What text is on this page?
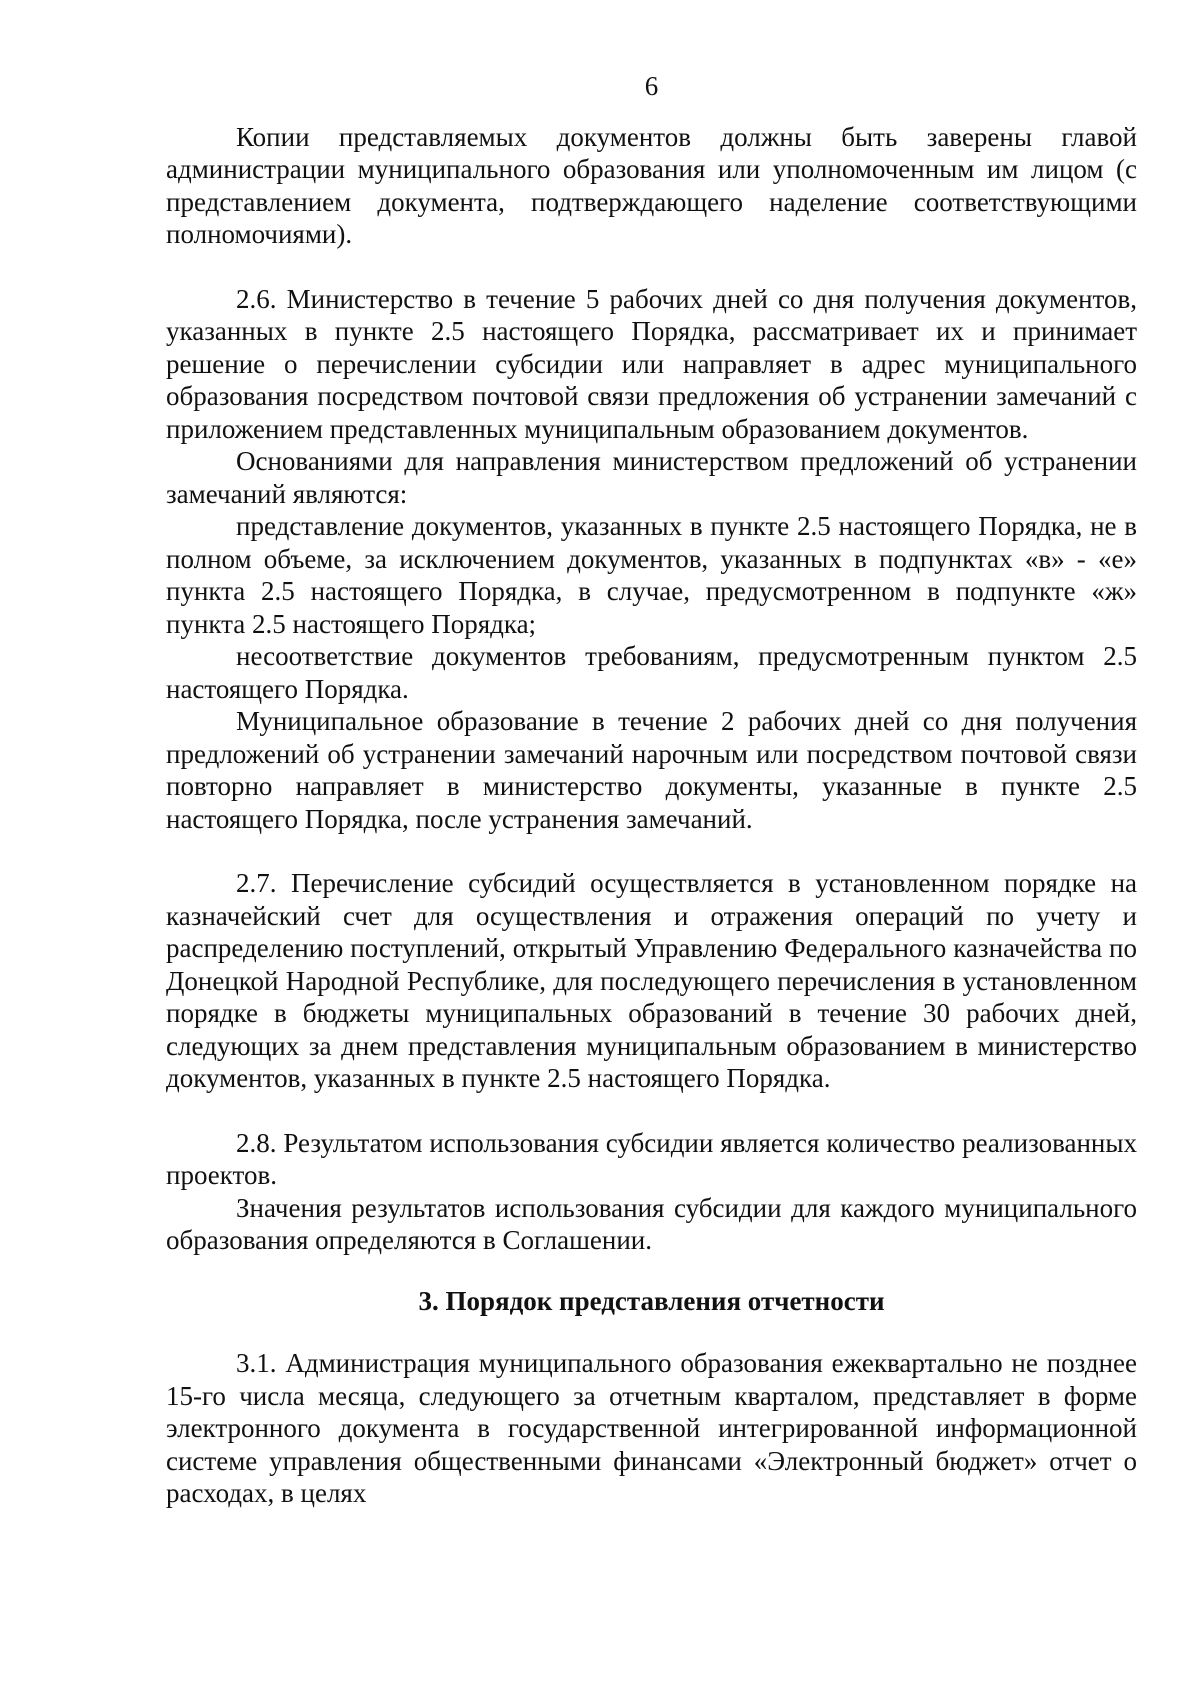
6

Копии представляемых документов должны быть заверены главой администрации муниципального образования или уполномоченным им лицом (с представлением документа, подтверждающего наделение соответствующими полномочиями).

2.6. Министерство в течение 5 рабочих дней со дня получения документов, указанных в пункте 2.5 настоящего Порядка, рассматривает их и принимает решение о перечислении субсидии или направляет в адрес муниципального образования посредством почтовой связи предложения об устранении замечаний с приложением представленных муниципальным образованием документов.

Основаниями для направления министерством предложений об устранении замечаний являются:

представление документов, указанных в пункте 2.5 настоящего Порядка, не в полном объеме, за исключением документов, указанных в подпунктах «в» - «е» пункта 2.5 настоящего Порядка, в случае, предусмотренном в подпункте «ж» пункта 2.5 настоящего Порядка;

несоответствие документов требованиям, предусмотренным пунктом 2.5 настоящего Порядка.

Муниципальное образование в течение 2 рабочих дней со дня получения предложений об устранении замечаний нарочным или посредством почтовой связи повторно направляет в министерство документы, указанные в пункте 2.5 настоящего Порядка, после устранения замечаний.

2.7. Перечисление субсидий осуществляется в установленном порядке на казначейский счет для осуществления и отражения операций по учету и распределению поступлений, открытый Управлению Федерального казначейства по Донецкой Народной Республике, для последующего перечисления в установленном порядке в бюджеты муниципальных образований в течение 30 рабочих дней, следующих за днем представления муниципальным образованием в министерство документов, указанных в пункте 2.5 настоящего Порядка.

2.8. Результатом использования субсидии является количество реализованных проектов.

Значения результатов использования субсидии для каждого муниципального образования определяются в Соглашении.

3. Порядок представления отчетности

3.1. Администрация муниципального образования ежеквартально не позднее 15-го числа месяца, следующего за отчетным кварталом, представляет в форме электронного документа в государственной интегрированной информационной системе управления общественными финансами «Электронный бюджет» отчет о расходах, в целях
